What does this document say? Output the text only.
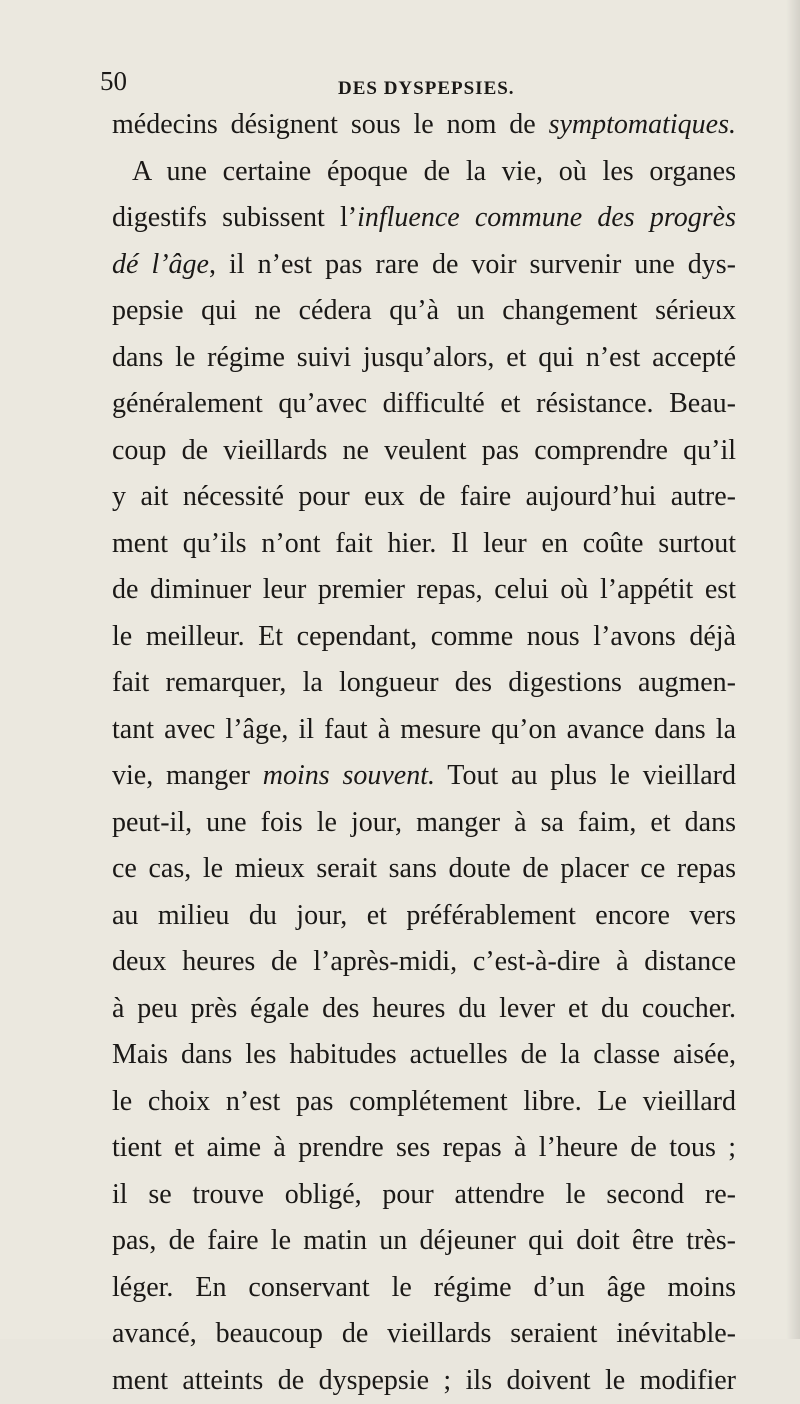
50	DES DYSPEPSIES.
médecins désignent sous le nom de symptomatiques.
A une certaine époque de la vie, où les organes
digestifs subissent l’influence commune des progrès
dé l’âge, il n’est pas rare de voir survenir une dys-
pepsie qui ne cédera qu’à un changement sérieux
dans le régime suivi jusqu’alors, et qui n’est accepté
généralement qu’avec difficulté et résistance. Beau-
coup de vieillards ne veulent pas comprendre qu’il
y ait nécessité pour eux de faire aujourd’hui autre-
ment qu’ils n’ont fait hier. Il leur en coûte surtout
de diminuer leur premier repas, celui où l’appétit est
le meilleur. Et cependant, comme nous l’avons déjà
fait remarquer, la longueur des digestions augmen-
tant avec l’âge, il faut à mesure qu’on avance dans la
vie, manger moins souvent. Tout au plus le vieillard
peut-il, une fois le jour, manger à sa faim, et dans
ce cas, le mieux serait sans doute de placer ce repas
au milieu du jour, et préférablement encore vers
deux heures de l’après-midi, c’est-à-dire à distance
à peu près égale des heures du lever et du coucher.
Mais dans les habitudes actuelles de la classe aisée,
le choix n’est pas complétement libre. Le vieillard
tient et aime à prendre ses repas à l’heure de tous ;
il se trouve obligé, pour attendre le second re-
pas, de faire le matin un déjeuner qui doit être très-
léger. En conservant le régime d’un âge moins
avancé, beaucoup de vieillards seraient inévitable-
ment atteints de dyspepsie ; ils doivent le modifier
